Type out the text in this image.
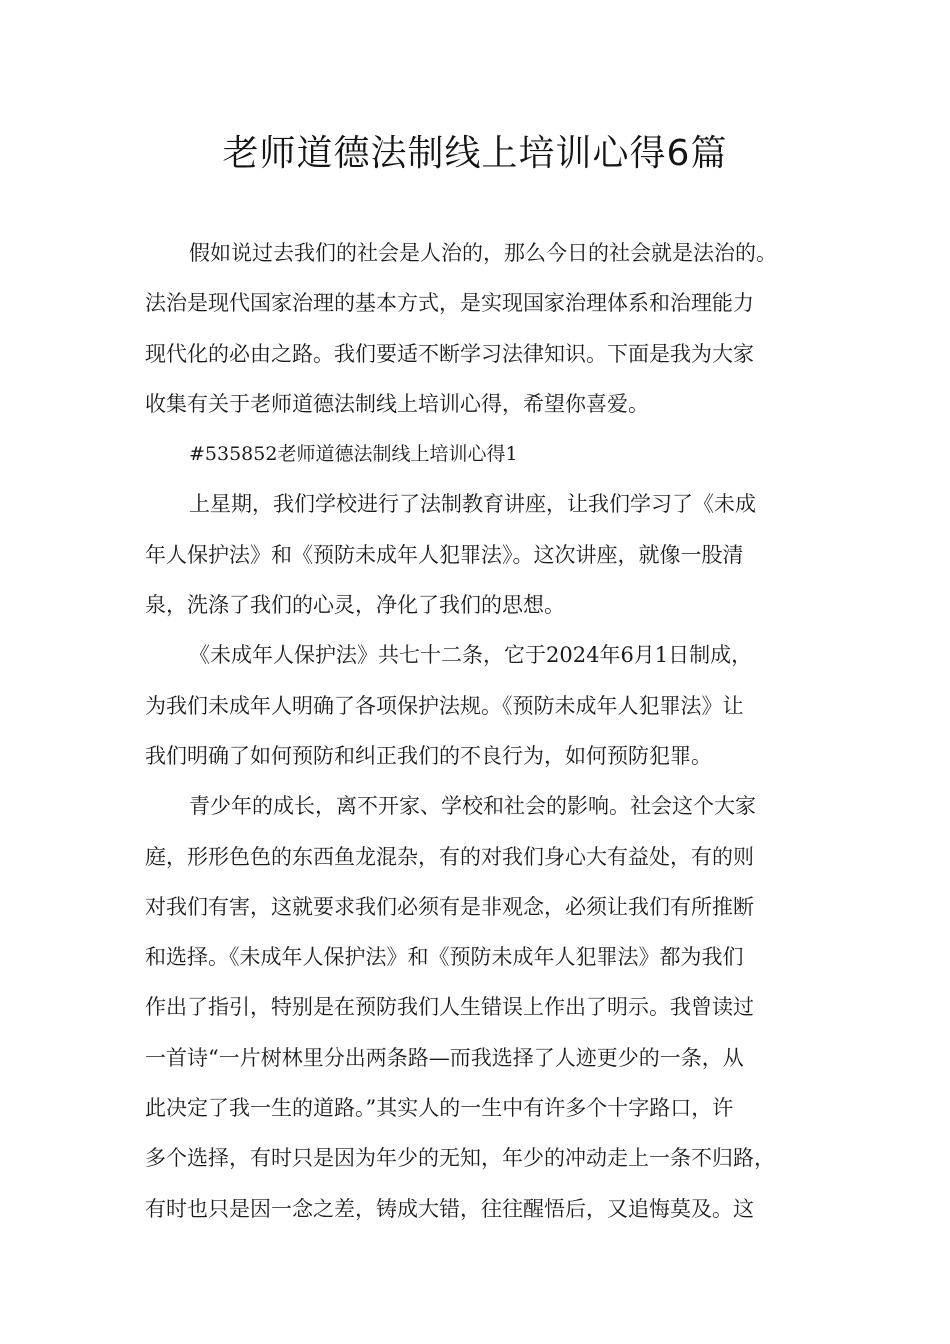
老师道德法制线上培训心得6篇
假如说过去我们的社会是人治的，那么今日的社会就是法治的。
法治是现代国家治理的基本方式，是实现国家治理体系和治理能力
现代化的必由之路。我们要适不断学习法律知识。下面是我为大家
收集有关于老师道德法制线上培训心得，希望你喜爱。
#535852老师道德法制线上培训心得1
上星期，我们学校进行了法制教育讲座，让我们学习了《未成
年人保护法》和《预防未成年人犯罪法》。这次讲座，就像一股清
泉，洗涤了我们的心灵，净化了我们的思想。
《未成年人保护法》共七十二条，它于2024年6月1日制成，
为我们未成年人明确了各项保护法规。《预防未成年人犯罪法》让
我们明确了如何预防和纠正我们的不良行为，如何预防犯罪。
青少年的成长，离不开家、学校和社会的影响。社会这个大家
庭，形形色色的东西鱼龙混杂，有的对我们身心大有益处，有的则
对我们有害，这就要求我们必须有是非观念，必须让我们有所推断
和选择。《未成年人保护法》和《预防未成年人犯罪法》都为我们
作出了指引，特别是在预防我们人生错误上作出了明示。我曾读过
一首诗“一片树林里分出两条路—而我选择了人迹更少的一条，从
此决定了我一生的道路。”其实人的一生中有许多个十字路口，许
多个选择，有时只是因为年少的无知，年少的冲动走上一条不归路，
有时也只是因一念之差，铸成大错，往往醒悟后，又追悔莫及。这
